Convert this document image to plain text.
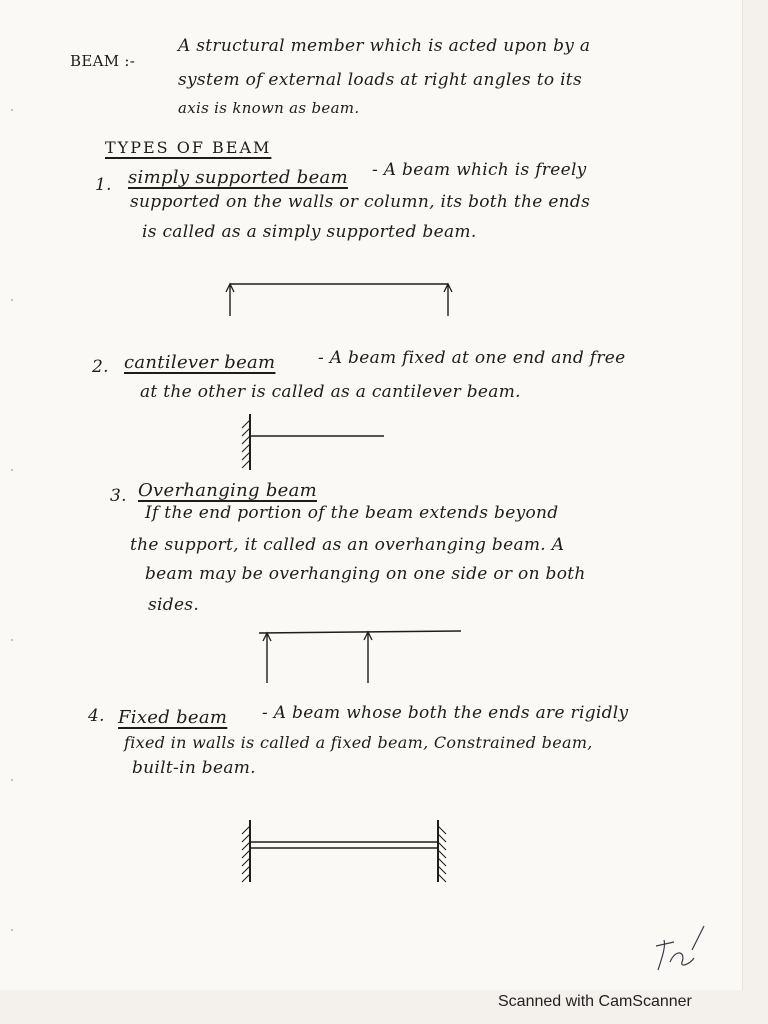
BEAM :-
A structural member which is acted upon by a
system of external loads at right angles to its
axis is known as beam.
TYPES OF BEAM
1. simply supported beam - A beam which is freely
supported on the walls or column, its both the ends
is called as a simply supported beam.
2. cantilever beam	- A beam fixed at one end and free
at the other is called as a cantilever beam.
3. Overhanging beam
If the end portion of the beam extends beyond
the support, it called as an overhanging beam. A
beam may be overhanging on one side or on both
sides.
4. Fixed beam - A beam whose both the ends are rigidly
fixed in walls is called a fixed beam, Constrained beam,
built-in beam.
Scanned with CamScanner
